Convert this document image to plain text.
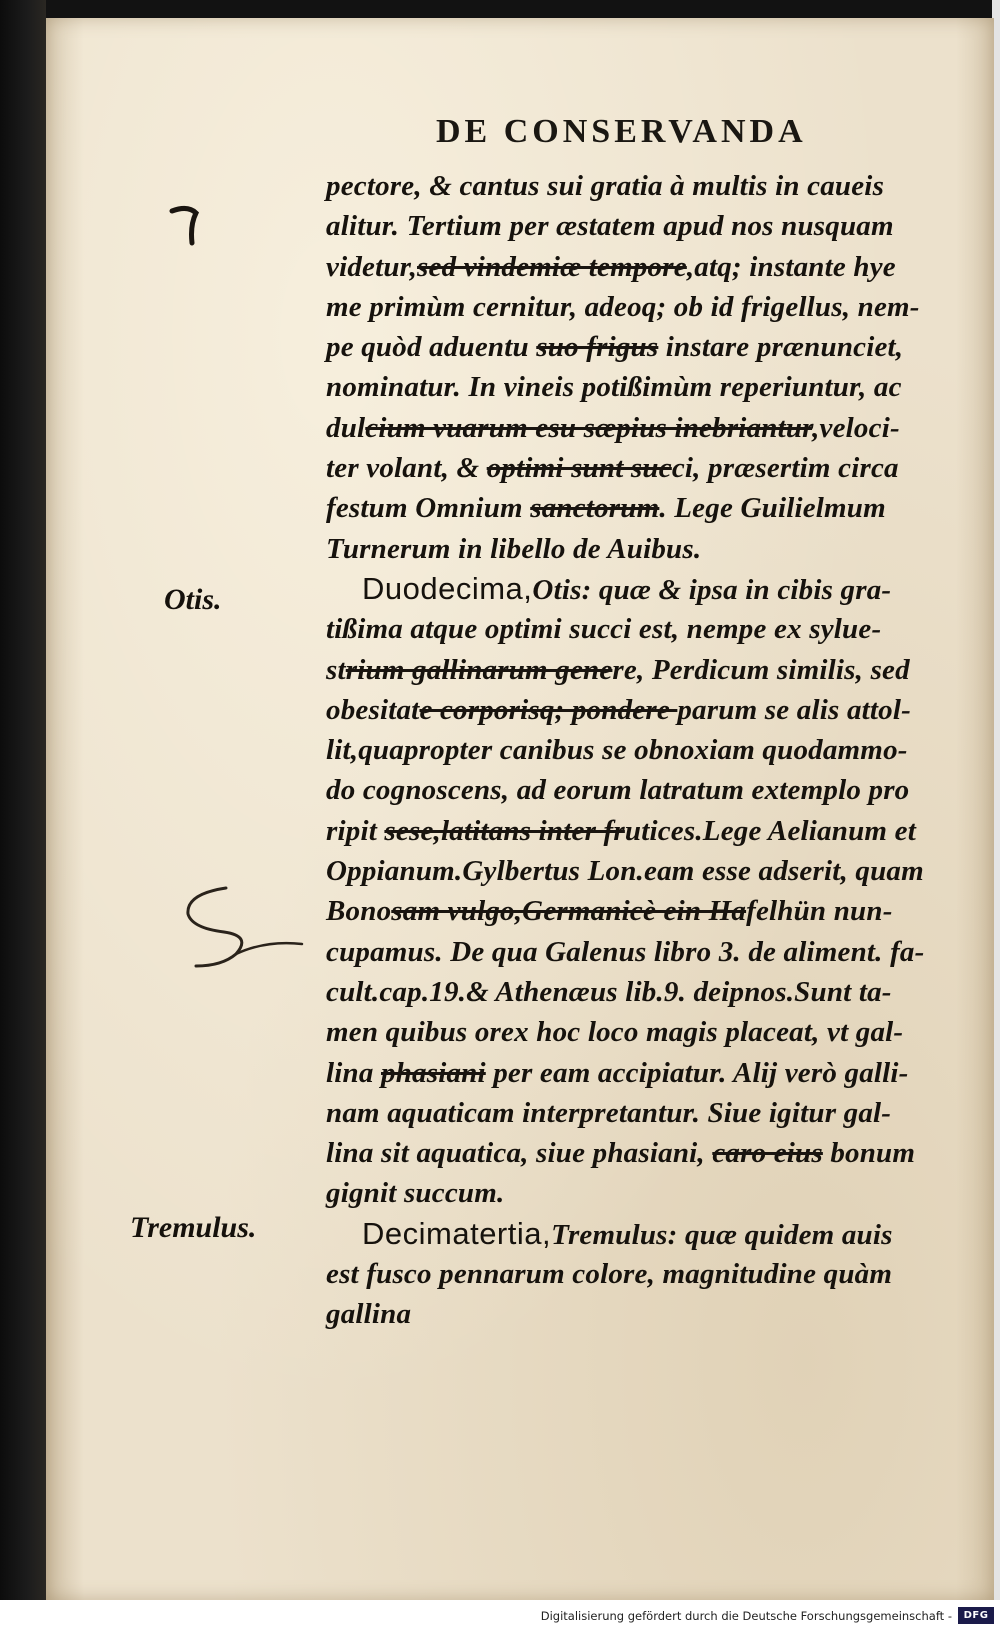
DE CONSERVANDA
Otis.
Tremulus.
pectore, & cantus sui gratia à multis in caueis
alitur. Tertium per æstatem apud nos nusquam
videtur,sed vindemiæ tempore,atq; instante hye
me primùm cernitur, adeoq; ob id frigellus, nem-
pe quòd aduentu suo frigus instare prænunciet,
nominatur. In vineis potißimùm reperiuntur, ac
dulcium vuarum esu sæpius inebriantur,veloci-
ter volant, & optimi sunt succi, præsertim circa
festum Omnium sanctorum. Lege Guilielmum
Turnerum in libello de Auibus.
Duodecima,Otis: quæ & ipsa in cibis gra-
tißima atque optimi succi est, nempe ex sylue-
strium gallinarum genere, Perdicum similis, sed
obesitate corporisq; pondere parum se alis attol-
lit,quapropter canibus se obnoxiam quodammo-
do cognoscens, ad eorum latratum extemplo pro
ripit sese,latitans inter frutices.Lege Aelianum et
Oppianum.Gylbertus Lon.eam esse adserit, quam
Bonosam vulgo,Germanicè ein Hafelhün nun-
cupamus. De qua Galenus libro 3. de aliment. fa-
cult.cap.19.& Athenæus lib.9. deipnos.Sunt ta-
men quibus orex hoc loco magis placeat, vt gal-
lina phasiani per eam accipiatur. Alij verò galli-
nam aquaticam interpretantur. Siue igitur gal-
lina sit aquatica, siue phasiani, caro eius bonum
gignit succum.
Decimatertia,Tremulus: quæ quidem auis
est fusco pennarum colore, magnitudine quàm
gallina
Digitalisierung gefördert durch die Deutsche Forschungsgemeinschaft -	DFG
